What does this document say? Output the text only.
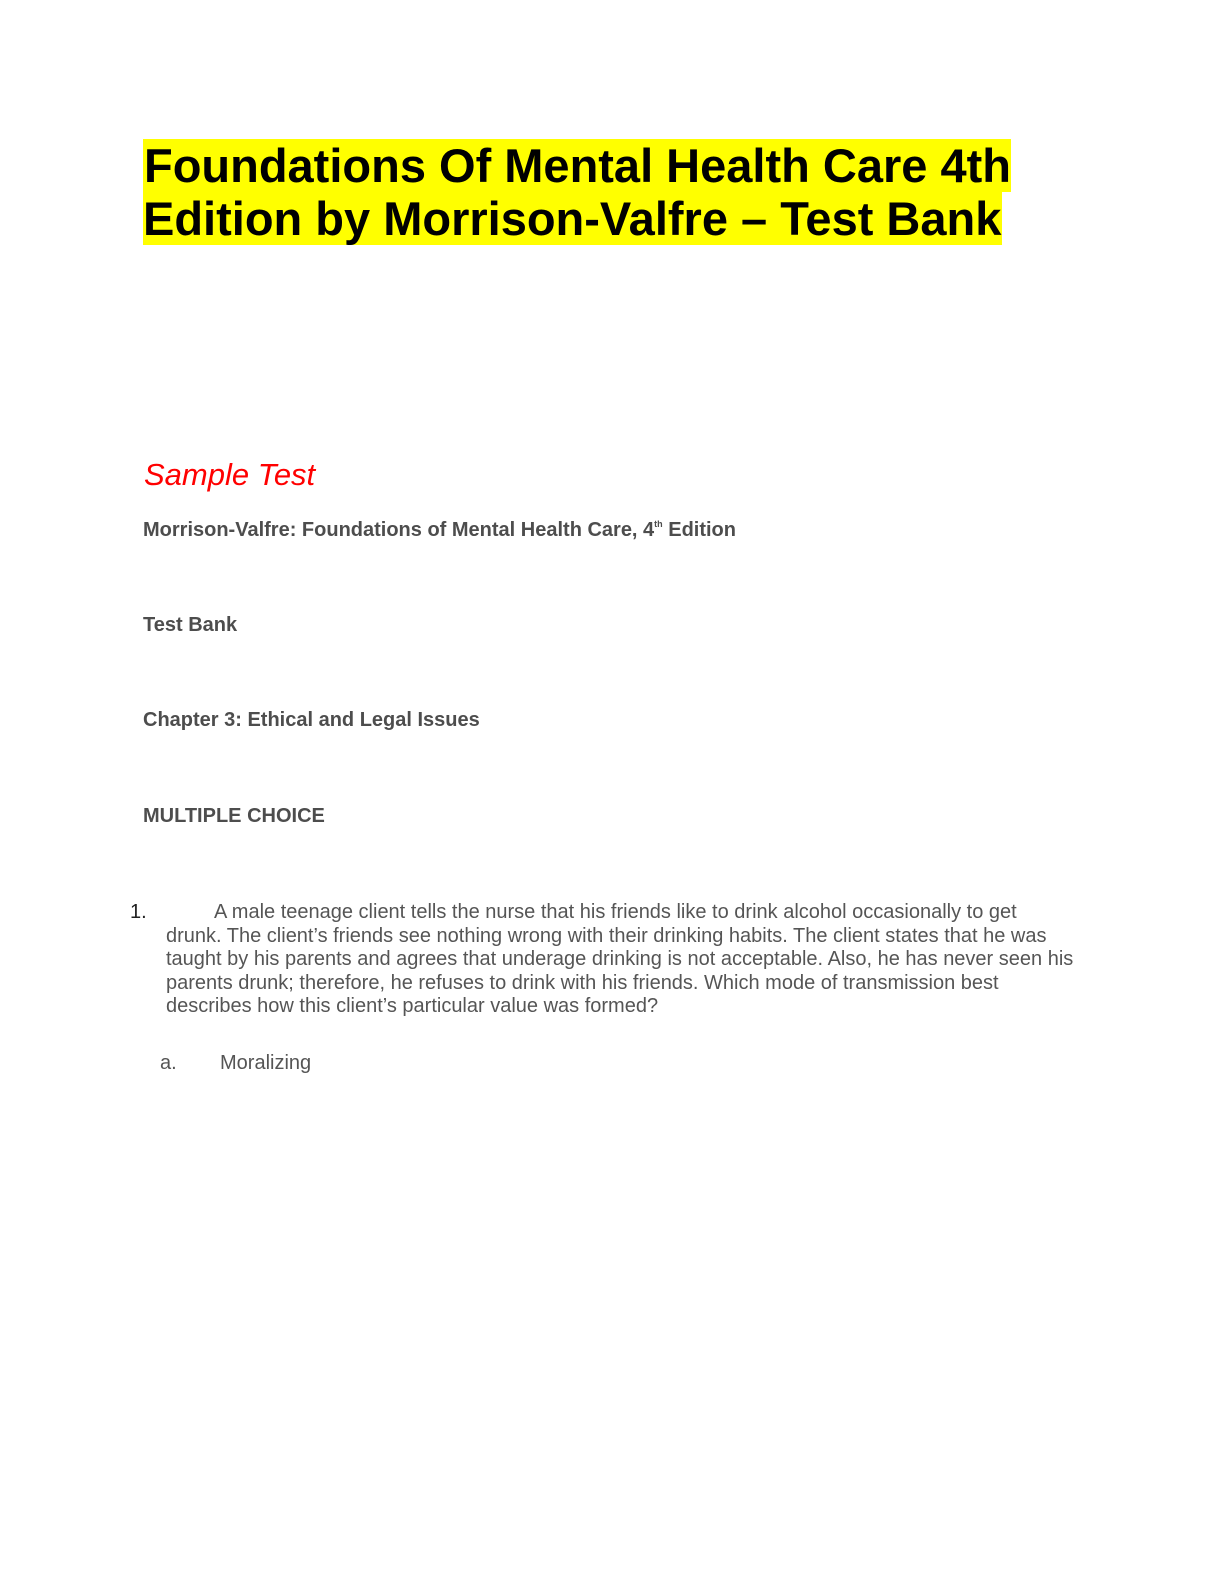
Foundations Of Mental Health Care 4th Edition by Morrison-Valfre – Test Bank
Sample Test
Morrison-Valfre: Foundations of Mental Health Care, 4th Edition
Test Bank
Chapter 3: Ethical and Legal Issues
MULTIPLE CHOICE
1.	A male teenage client tells the nurse that his friends like to drink alcohol occasionally to get drunk. The client’s friends see nothing wrong with their drinking habits. The client states that he was taught by his parents and agrees that underage drinking is not acceptable. Also, he has never seen his parents drunk; therefore, he refuses to drink with his friends. Which mode of transmission best describes how this client’s particular value was formed?
a. Moralizing
